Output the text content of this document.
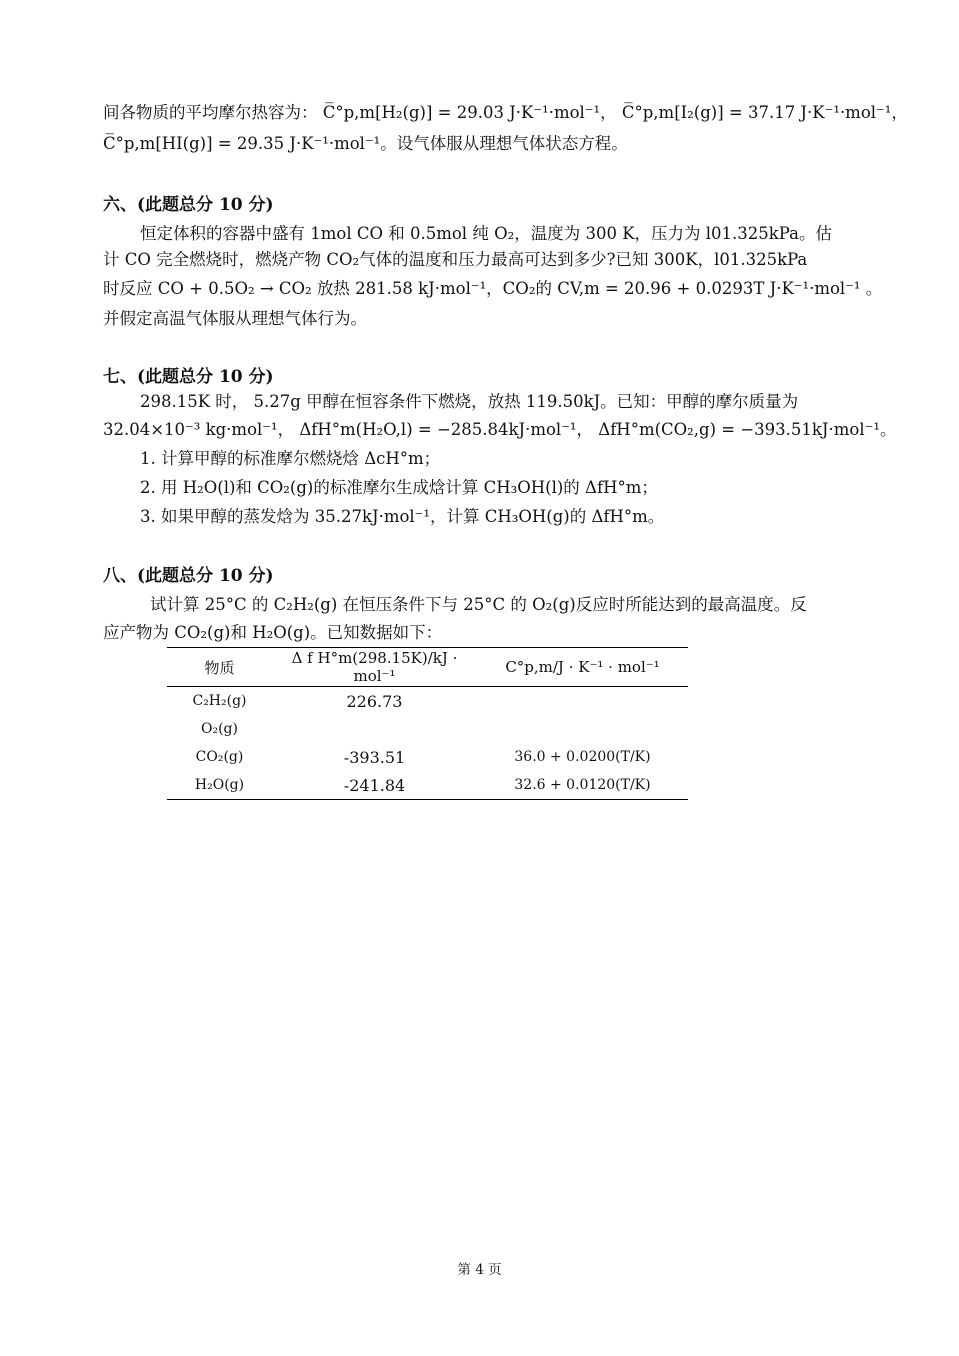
间各物质的平均摩尔热容为： C̅°p,m[H₂(g)] = 29.03 J·K⁻¹·mol⁻¹， C̅°p,m[I₂(g)] = 37.17 J·K⁻¹·mol⁻¹，
C̅°p,m[HI(g)] = 29.35 J·K⁻¹·mol⁻¹。设气体服从理想气体状态方程。
六、(此题总分 10 分)
恒定体积的容器中盛有 1mol CO 和 0.5mol 纯 O₂，温度为 300 K，压力为 l01.325kPa。估
计 CO 完全燃烧时，燃烧产物 CO₂气体的温度和压力最高可达到多少?已知 300K，l01.325kPa
时反应 CO + 0.5O₂ → CO₂ 放热 281.58 kJ·mol⁻¹，CO₂的 CV,m = 20.96 + 0.0293T J·K⁻¹·mol⁻¹ 。
并假定高温气体服从理想气体行为。
七、(此题总分 10 分)
298.15K 时， 5.27g 甲醇在恒容条件下燃烧，放热 119.50kJ。已知：甲醇的摩尔质量为
32.04×10⁻³ kg·mol⁻¹， ΔfH°m(H₂O,l) = −285.84kJ·mol⁻¹， ΔfH°m(CO₂,g) = −393.51kJ·mol⁻¹。
1. 计算甲醇的标准摩尔燃烧焓 ΔcH°m；
2. 用 H₂O(l)和 CO₂(g)的标准摩尔生成焓计算 CH₃OH(l)的 ΔfH°m；
3. 如果甲醇的蒸发焓为 35.27kJ·mol⁻¹，计算 CH₃OH(g)的 ΔfH°m。
八、(此题总分 10 分)
试计算 25°C 的 C₂H₂(g) 在恒压条件下与 25°C 的 O₂(g)反应时所能达到的最高温度。反
应产物为 CO₂(g)和 H₂O(g)。已知数据如下：
物质	Δ f H°m(298.15K)/kJ · mol⁻¹	C°p,m/J · K⁻¹ · mol⁻¹
C₂H₂(g)	226.73	
O₂(g)		
CO₂(g)	-393.51	36.0 + 0.0200(T/K)
H₂O(g)	-241.84	32.6 + 0.0120(T/K)
第 4 页
